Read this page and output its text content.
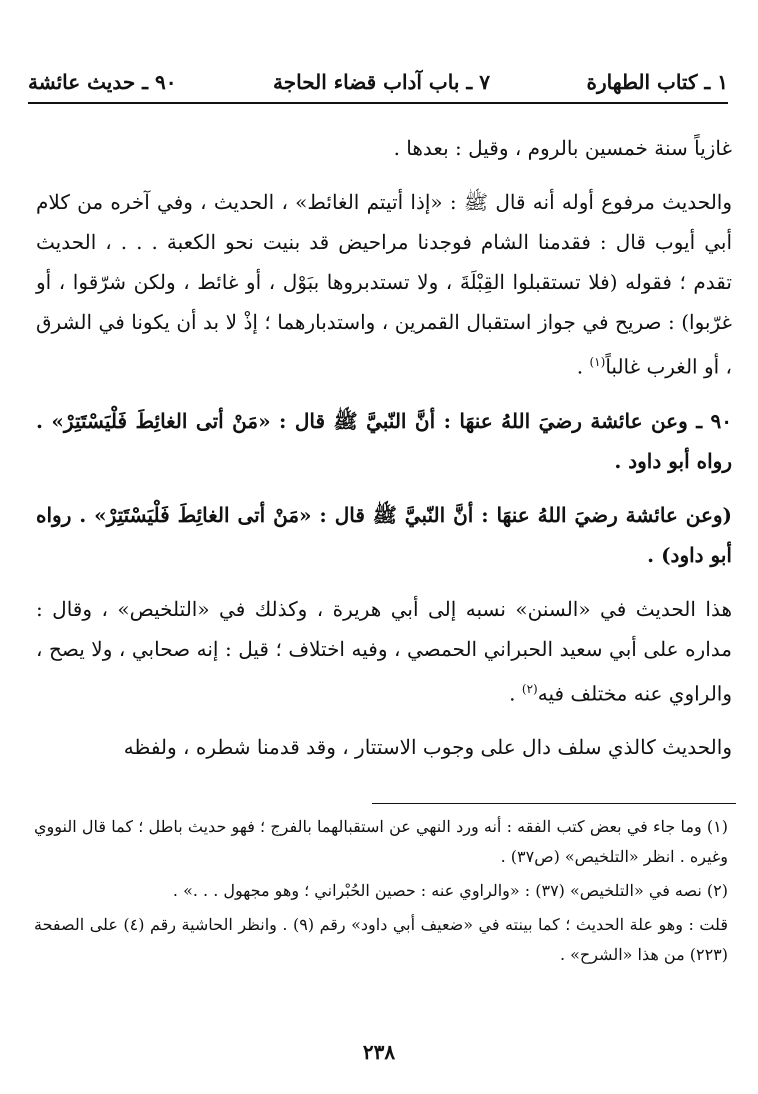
١ ـ كتاب الطهارة
٧ ـ باب آداب قضاء الحاجة
٩٠ ـ حديث عائشة

غازياً سنة خمسين بالروم ، وقيل : بعدها .

والحديث مرفوع أوله أنه قال ﷺ : «إذا أتيتم الغائط» ، الحديث ، وفي آخره من كلام أبي أيوب قال : فقدمنا الشام فوجدنا مراحيض قد بنيت نحو الكعبة . . . ، الحديث تقدم ؛ فقوله (فلا تستقبلوا القِبْلَةَ ، ولا تستدبروها ببَوْل ، أو غائط ، ولكن شرّقوا ، أو غرّبوا) : صريح في جواز استقبال القمرين ، واستدبارهما ؛ إذْ لا بد أن يكونا في الشرق ، أو الغرب غالباً$^{(١)}$ .

٩٠ ـ وعن عائشة رضيَ اللهُ عنهَا : أنَّ النّبيَّ ﷺ قال : «مَنْ أتى الغائِطَ فَلْيَسْتَتِرْ» . رواه أبو داود .

(وعن عائشة رضيَ اللهُ عنهَا : أنَّ النّبيَّ ﷺ قال : «مَنْ أتى الغائِطَ فَلْيَسْتَتِرْ» . رواه أبو داود) .

هذا الحديث في «السنن» نسبه إلى أبي هريرة ، وكذلك في «التلخيص» ، وقال : مداره على أبي سعيد الحبراني الحمصي ، وفيه اختلاف ؛ قيل : إنه صحابي ، ولا يصح ، والراوي عنه مختلف فيه$^{(٢)}$ .

والحديث كالذي سلف دال على وجوب الاستتار ، وقد قدمنا شطره ، ولفظه

(١) وما جاء في بعض كتب الفقه : أنه ورد النهي عن استقبالهما بالفرج ؛ فهو حديث باطل ؛ كما قال النووي وغيره . انظر «التلخيص» (ص٣٧) .

(٢) نصه في «التلخيص» (٣٧) : «والراوي عنه : حصين الحُبْراني ؛ وهو مجهول . . .» .

قلت : وهو علة الحديث ؛ كما بينته في «ضعيف أبي داود» رقم (٩) . وانظر الحاشية رقم (٤) على الصفحة (٢٢٣) من هذا «الشرح» .

٢٣٨
